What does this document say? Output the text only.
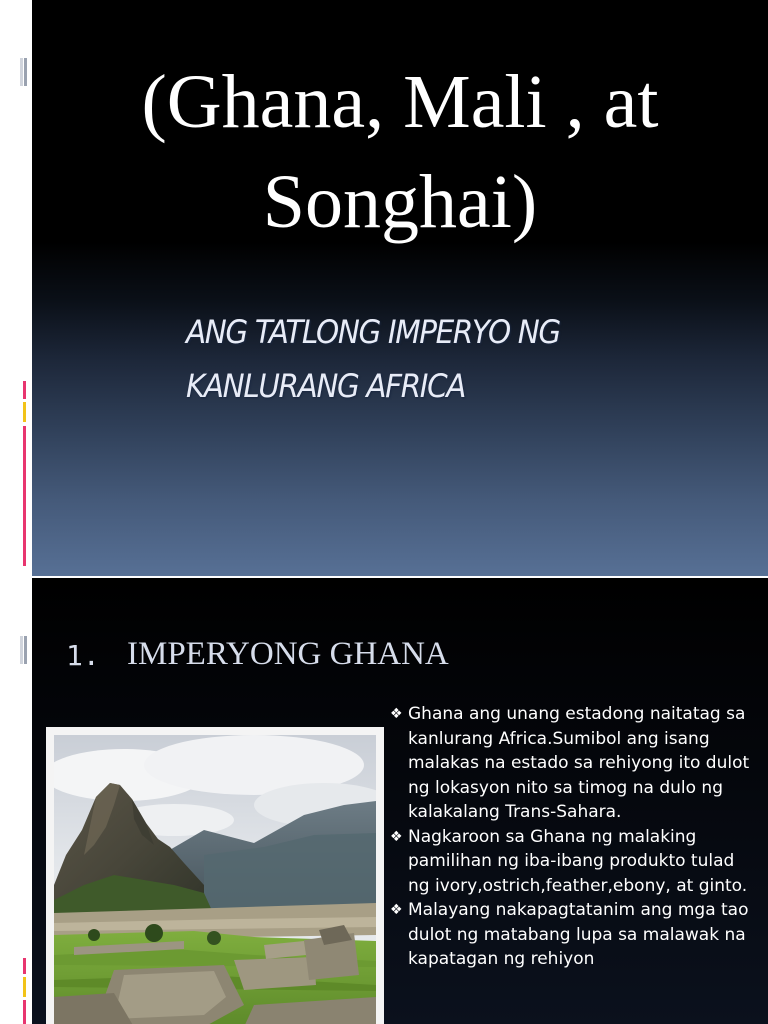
(Ghana, Mali , at Songhai)
ANG TATLONG IMPERYO NG KANLURANG AFRICA
1. IMPERYONG GHANA
❖ Ghana ang unang estadong naitatag sa kanlurang Africa.Sumibol ang isang malakas na estado sa rehiyong ito dulot ng lokasyon nito sa timog na dulo ng kalakalang Trans-Sahara.
❖ Nagkaroon sa Ghana ng malaking pamilihan ng iba-ibang produkto tulad ng ivory,ostrich,feather,ebony, at ginto.
❖ Malayang nakapagtatanim ang mga tao dulot ng matabang lupa sa malawak na kapatagan ng rehiyon
